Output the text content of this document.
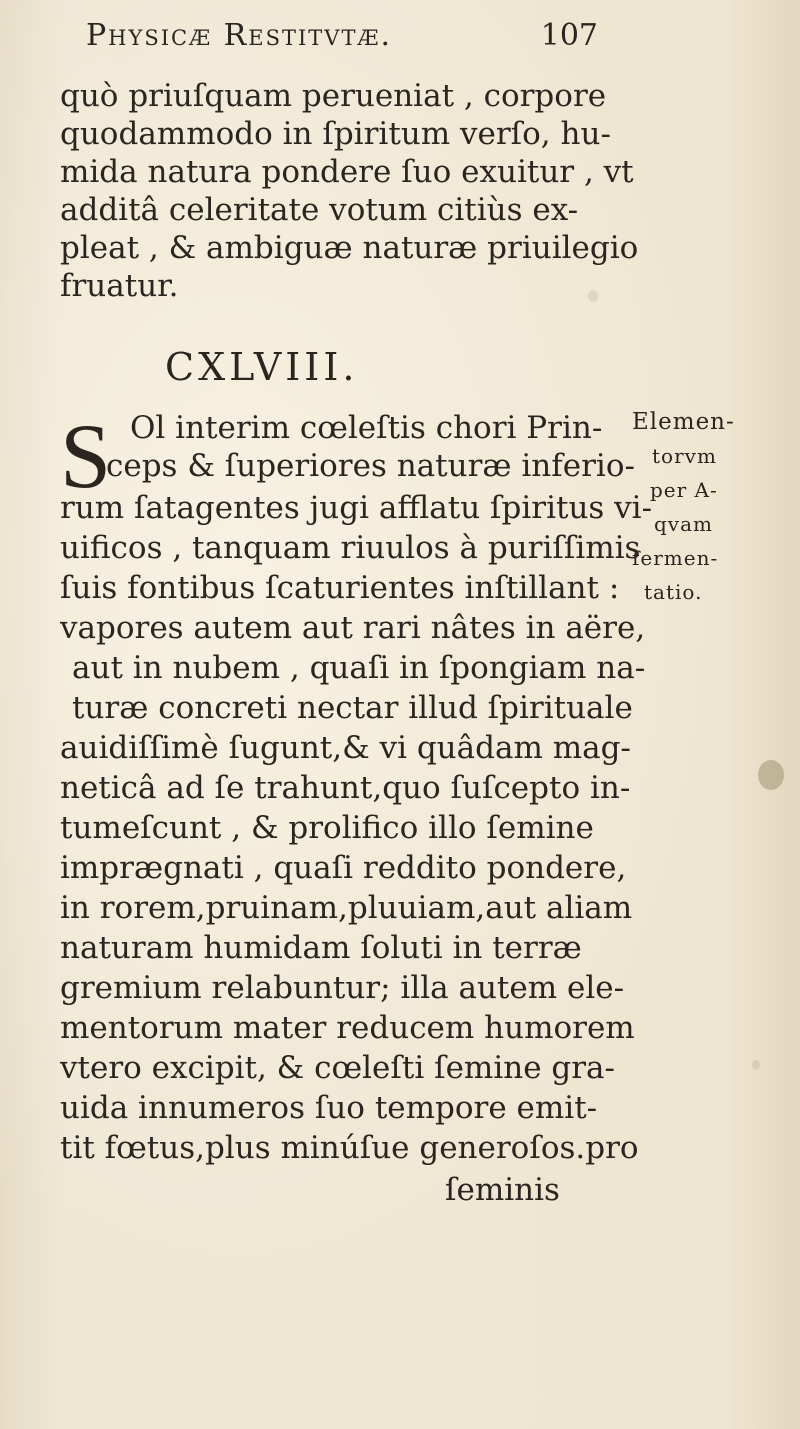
Physicæ Restitvtæ.	107
quò priuſquam perueniat , corpore
quodammodo in ſpiritum verſo, hu-
mida natura pondere ſuo exuitur , vt
additâ celeritate votum citiùs ex-
pleat , & ambiguæ naturæ priuilegio
fruatur.
CXLVIII.
S Ol interim cœleſtis chori Prin-
ceps & ſuperiores naturæ inferio-
rum ſatagentes jugi afflatu ſpiritus vi-
uificos , tanquam riuulos à puriſſimis
ſuis fontibus ſcaturientes inſtillant :
vapores autem aut rari nâtes in aëre,
aut in nubem , quaſi in ſpongiam na-
turæ concreti nectar illud ſpirituale
auidiſſimè ſugunt,& vi quâdam mag-
neticâ ad ſe trahunt,quo ſuſcepto in-
tumeſcunt , & prolifico illo ſemine
imprægnati , quaſi reddito pondere,
in rorem,pruinam,pluuiam,aut aliam
naturam humidam ſoluti in terræ
gremium relabuntur; illa autem ele-
mentorum mater reducem humorem
vtero excipit, & cœleſti ſemine gra-
uida innumeros ſuo tempore emit-
tit fœtus,plus minúſue generoſos.pro
ſeminis
Elemen-
torvm
per A-
qvam
fermen-
tatio.
